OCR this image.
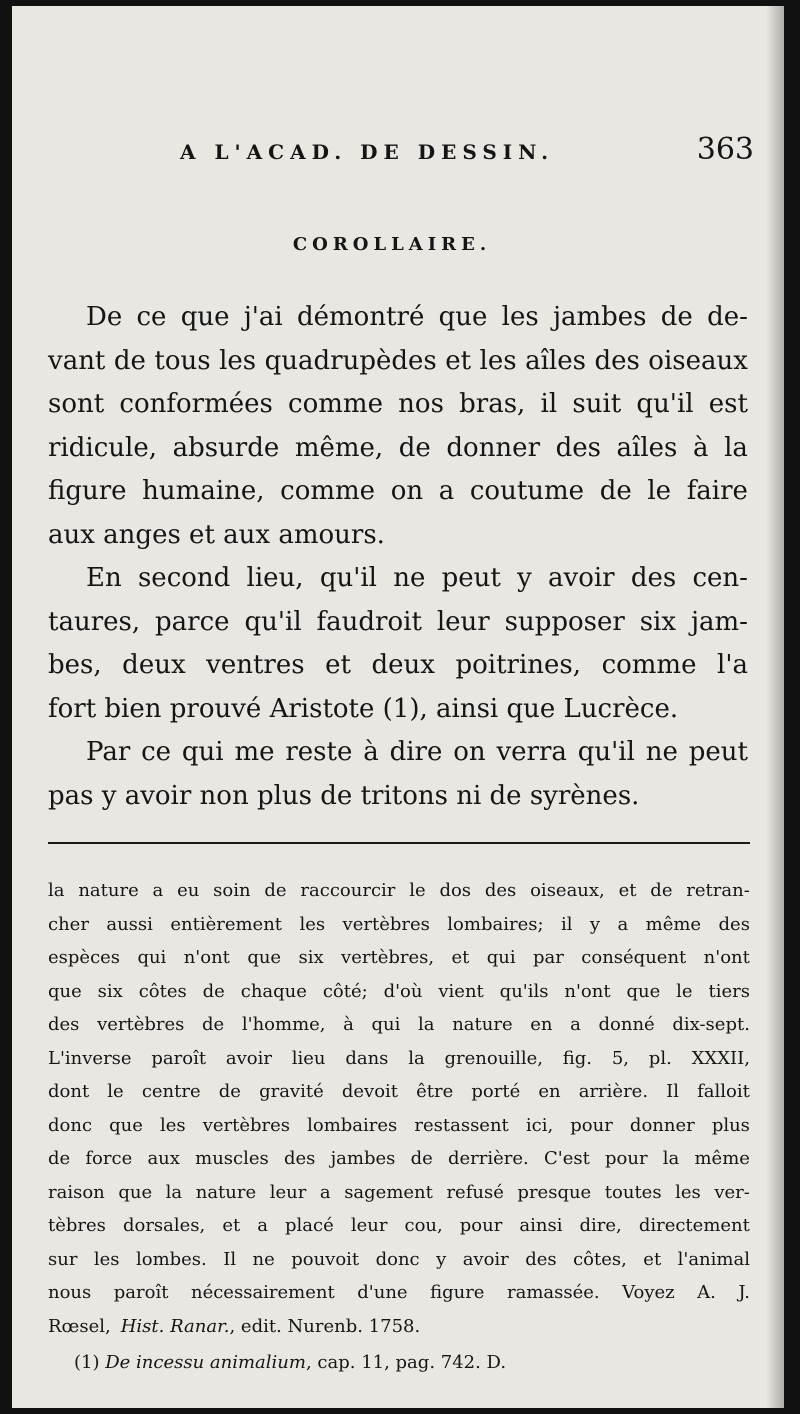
A L'ACAD. DE DESSIN.	363
COROLLAIRE.
De ce que j'ai démontré que les jambes de de-
vant de tous les quadrupèdes et les aîles des oiseaux
sont conformées comme nos bras, il suit qu'il est
ridicule, absurde même, de donner des aîles à la
figure humaine, comme on a coutume de le faire
aux anges et aux amours.
En second lieu, qu'il ne peut y avoir des cen-
taures, parce qu'il faudroit leur supposer six jam-
bes, deux ventres et deux poitrines, comme l'a
fort bien prouvé Aristote (1), ainsi que Lucrèce.
Par ce qui me reste à dire on verra qu'il ne peut
pas y avoir non plus de tritons ni de syrènes.
la nature a eu soin de raccourcir le dos des oiseaux, et de retran-
cher aussi entièrement les vertèbres lombaires; il y a même des
espèces qui n'ont que six vertèbres, et qui par conséquent n'ont
que six côtes de chaque côté; d'où vient qu'ils n'ont que le tiers
des vertèbres de l'homme, à qui la nature en a donné dix-sept.
L'inverse paroît avoir lieu dans la grenouille, fig. 5, pl. XXXII,
dont le centre de gravité devoit être porté en arrière. Il falloit
donc que les vertèbres lombaires restassent ici, pour donner plus
de force aux muscles des jambes de derrière. C'est pour la même
raison que la nature leur a sagement refusé presque toutes les ver-
tèbres dorsales, et a placé leur cou, pour ainsi dire, directement
sur les lombes. Il ne pouvoit donc y avoir des côtes, et l'animal
nous paroît nécessairement d'une figure ramassée. Voyez A. J.
Rœsel, Hist. Ranar. , edit. Nurenb. 1758.
(1) De incessu animalium, cap. 11, pag. 742. D.
